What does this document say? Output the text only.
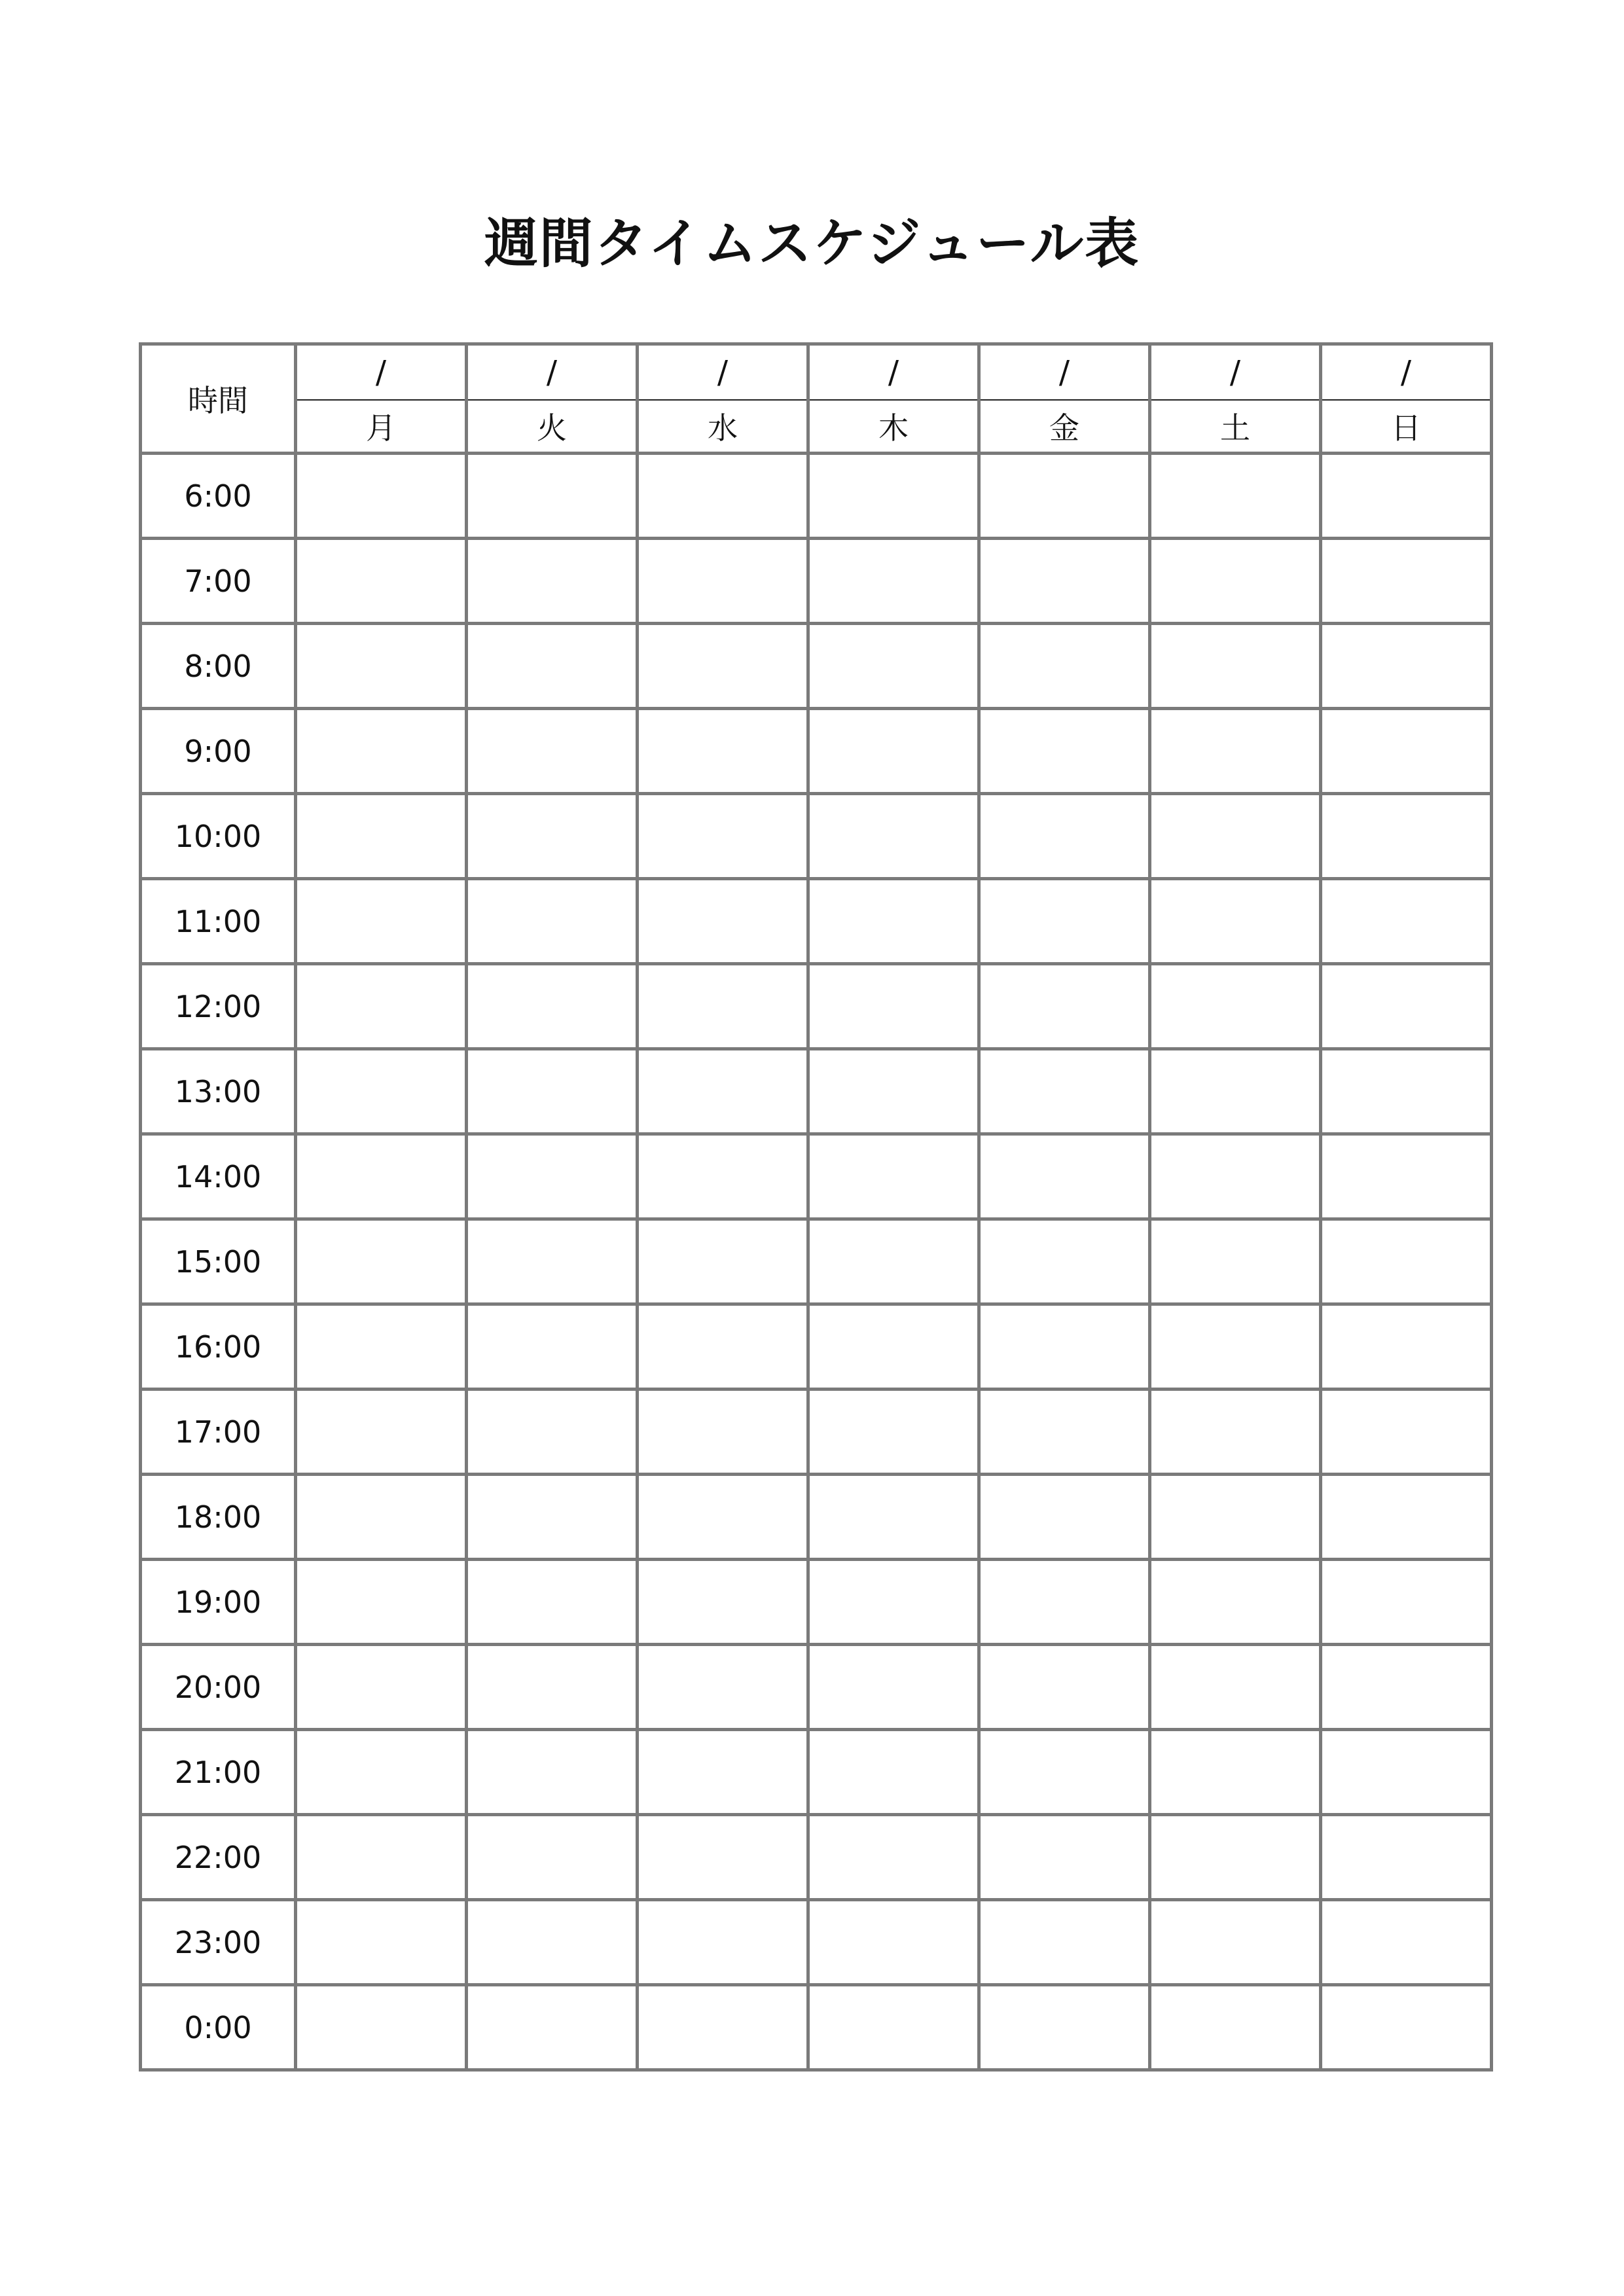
週間タイムスケジュール表
時間	/	/	/	/	/	/	/
	月	火	水	木	金	土	日
6:00							
7:00							
8:00							
9:00							
10:00							
11:00							
12:00							
13:00							
14:00							
15:00							
16:00							
17:00							
18:00							
19:00							
20:00							
21:00							
22:00							
23:00							
0:00							
